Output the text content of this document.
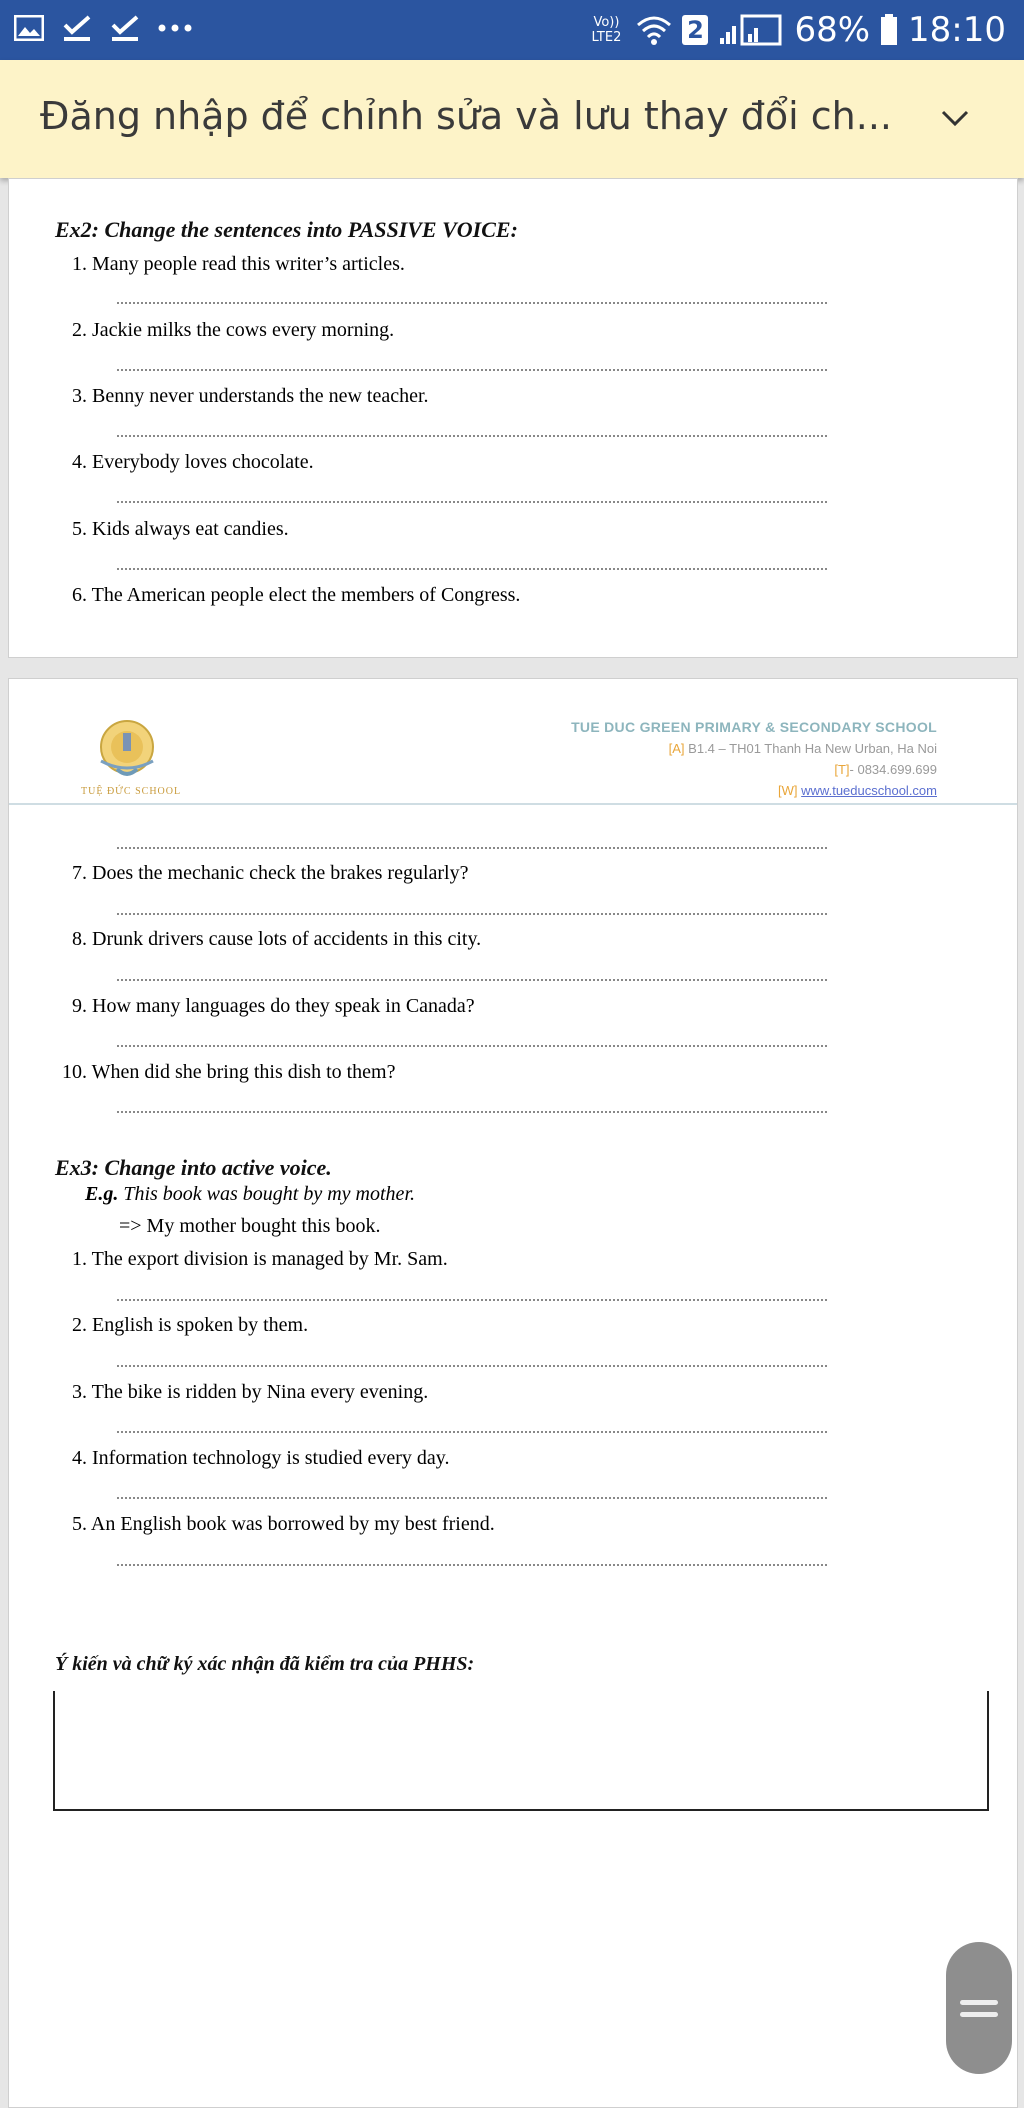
Vo)) LTE2	2	68% 18:10
Đăng nhập để chỉnh sửa và lưu thay đổi ch...
Ex2: Change the sentences into PASSIVE VOICE:
1. Many people read this writer’s articles.
2. Jackie milks the cows every morning.
3. Benny never understands the new teacher.
4. Everybody loves chocolate.
5. Kids always eat candies.
6. The American people elect the members of Congress.
TUỆ ĐỨC SCHOOL
TUE DUC GREEN PRIMARY & SECONDARY SCHOOL
[A] B1.4 – TH01 Thanh Ha New Urban, Ha Noi
[T]- 0834.699.699
[W] www.tueducschool.com
7. Does the mechanic check the brakes regularly?
8. Drunk drivers cause lots of accidents in this city.
9. How many languages do they speak in Canada?
10. When did she bring this dish to them?
Ex3: Change into active voice.
E.g. This book was bought by my mother.
=> My mother bought this book.
1. The export division is managed by Mr. Sam.
2. English is spoken by them.
3. The bike is ridden by Nina every evening.
4. Information technology is studied every day.
5. An English book was borrowed by my best friend.
Ý kiến và chữ ký xác nhận đã kiểm tra của PHHS:
